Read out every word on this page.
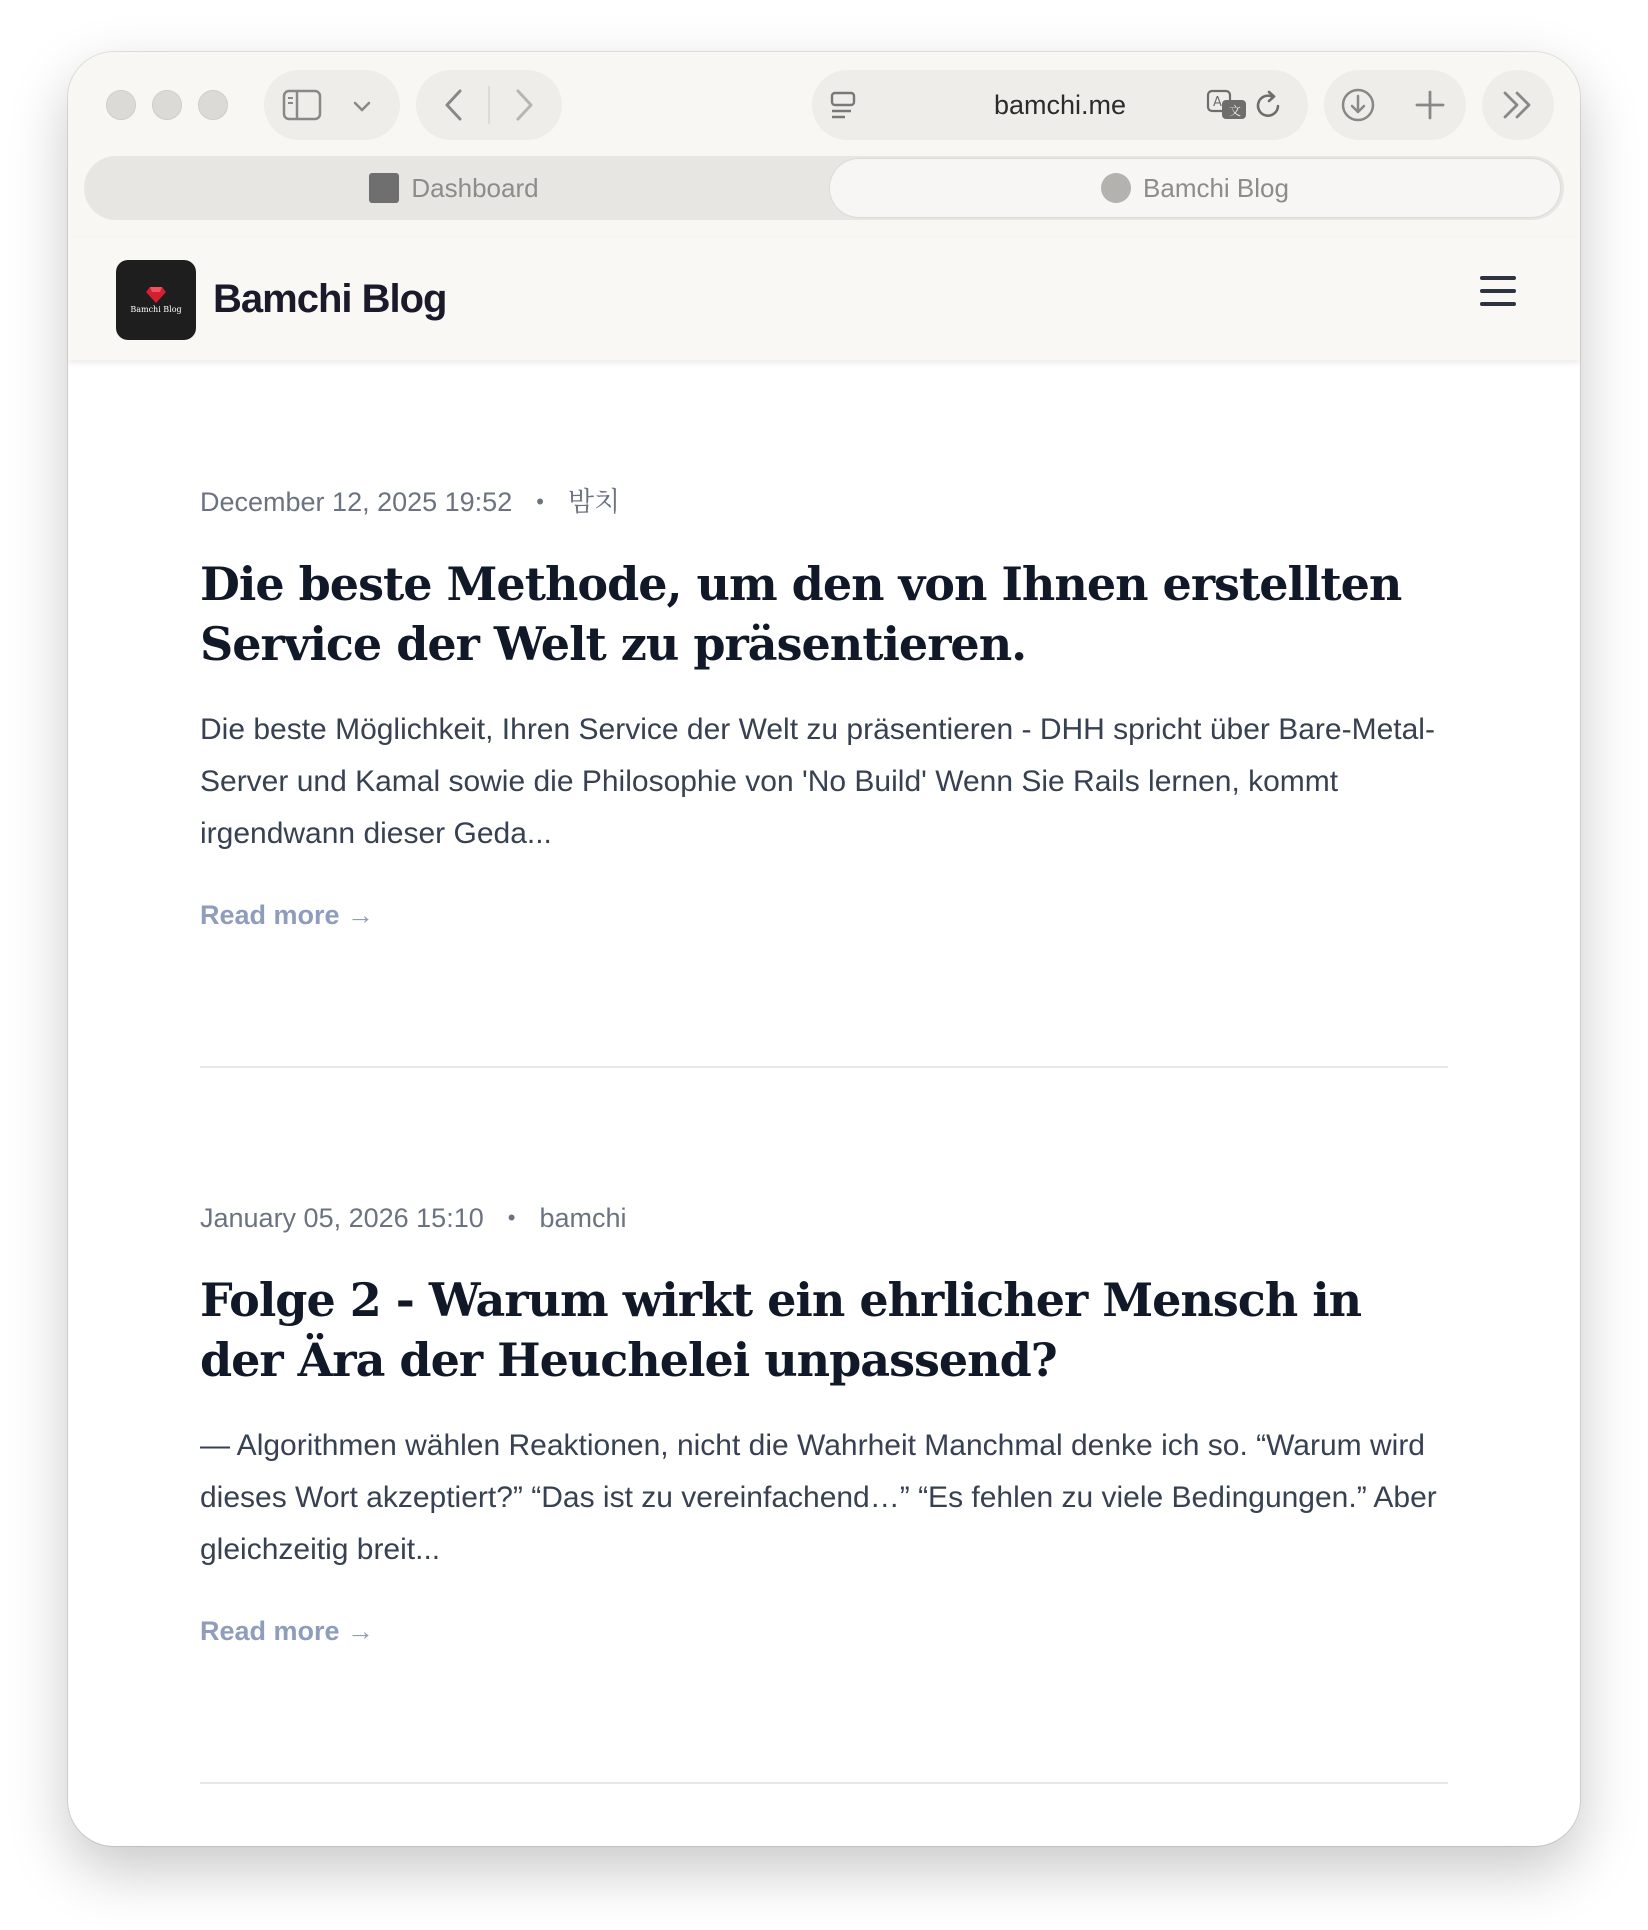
bamchi.me	A
文
Dashboard	Bamchi Blog
Bamchi Blog Bamchi Blog
December 12, 2025 19:52 • 밤치
Die beste Methode, um den von Ihnen erstellten Service der Welt zu präsentieren.

Die beste Möglichkeit, Ihren Service der Welt zu präsentieren - DHH spricht über Bare-Metal-Server und Kamal sowie die Philosophie von 'No Build' Wenn Sie Rails lernen, kommt irgendwann dieser Geda...

Read more →
January 05, 2026 15:10 • bamchi
Folge 2 - Warum wirkt ein ehrlicher Mensch in der Ära der Heuchelei unpassend?

— Algorithmen wählen Reaktionen, nicht die Wahrheit Manchmal denke ich so. “Warum wird dieses Wort akzeptiert?” “Das ist zu vereinfachend…” “Es fehlen zu viele Bedingungen.” Aber gleichzeitig breit...

Read more →
